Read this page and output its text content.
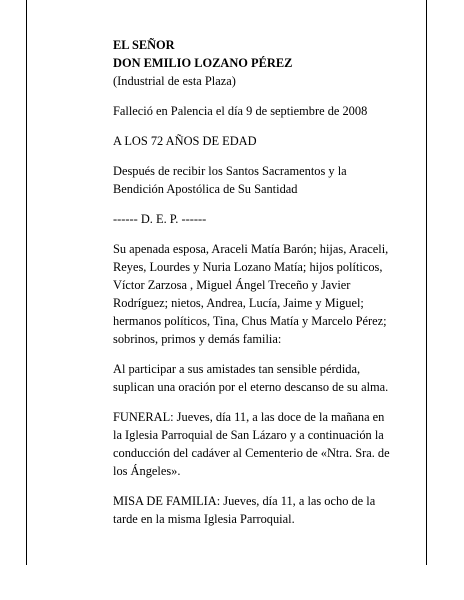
EL SEÑOR
DON EMILIO LOZANO PÉREZ
(Industrial de esta Plaza)
Falleció en Palencia el día 9 de septiembre de 2008
A LOS 72 AÑOS DE EDAD
Después de recibir los Santos Sacramentos y la
Bendición Apostólica de Su Santidad
------ D. E. P. ------
Su apenada esposa, Araceli Matía Barón; hijas, Araceli,
Reyes, Lourdes y Nuria Lozano Matía; hijos políticos,
Víctor Zarzosa , Miguel Ángel Treceño y Javier
Rodríguez; nietos, Andrea, Lucía, Jaime y Miguel;
hermanos políticos, Tina, Chus Matía y Marcelo Pérez;
sobrinos, primos y demás familia:
Al participar a sus amistades tan sensible pérdida,
suplican una oración por el eterno descanso de su alma.
FUNERAL: Jueves, día 11, a las doce de la mañana en
la Iglesia Parroquial de San Lázaro y a continuación la
conducción del cadáver al Cementerio de «Ntra. Sra. de
los Ángeles».
MISA DE FAMILIA: Jueves, día 11, a las ocho de la
tarde en la misma Iglesia Parroquial.
